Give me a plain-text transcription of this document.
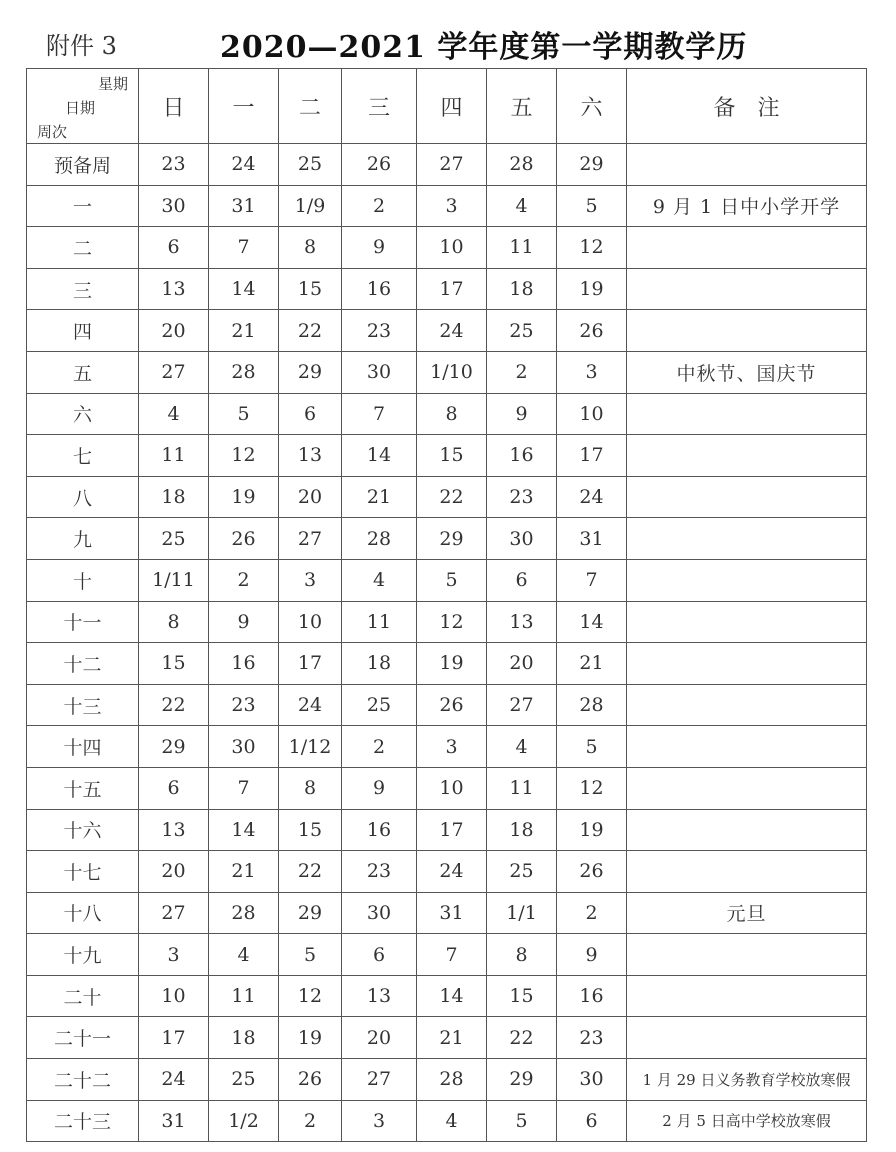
附件 3	2020—2021 学年度第一学期教学历
星期
日期
周次	日	一	二	三	四	五	六	备　注
预备周	23	24	25	26	27	28	29	
一	30	31	1/9	2	3	4	5	9 月 1 日中小学开学
二	6	7	8	9	10	11	12	
三	13	14	15	16	17	18	19	
四	20	21	22	23	24	25	26	
五	27	28	29	30	1/10	2	3	中秋节、国庆节
六	4	5	6	7	8	9	10	
七	11	12	13	14	15	16	17	
八	18	19	20	21	22	23	24	
九	25	26	27	28	29	30	31	
十	1/11	2	3	4	5	6	7	
十一	8	9	10	11	12	13	14	
十二	15	16	17	18	19	20	21	
十三	22	23	24	25	26	27	28	
十四	29	30	1/12	2	3	4	5	
十五	6	7	8	9	10	11	12	
十六	13	14	15	16	17	18	19	
十七	20	21	22	23	24	25	26	
十八	27	28	29	30	31	1/1	2	元旦
十九	3	4	5	6	7	8	9	
二十	10	11	12	13	14	15	16	
二十一	17	18	19	20	21	22	23	
二十二	24	25	26	27	28	29	30	1 月 29 日义务教育学校放寒假
二十三	31	1/2	2	3	4	5	6	2 月 5 日高中学校放寒假
